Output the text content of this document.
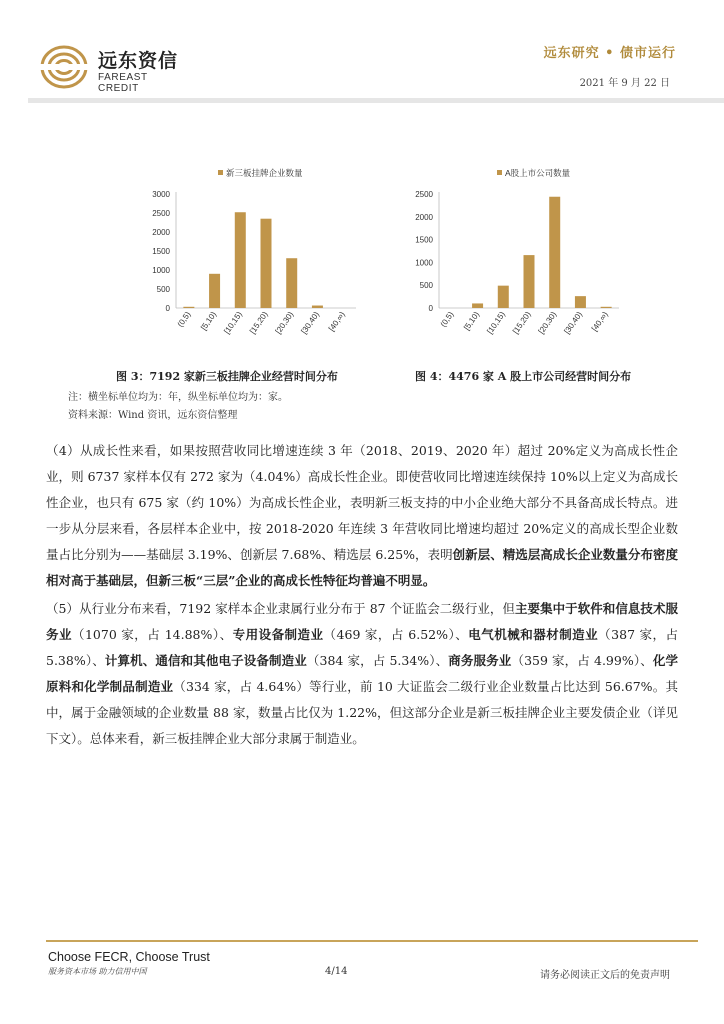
远东资信
FAREAST CREDIT
远东研究 • 债市运行
2021 年 9 月 22 日
新三板挂牌企业数量
0
500
1000
1500
2000
2500
3000
(0,5) [5,10) [10,15) [15,20) [20,30) [30,40) [40,∞)
A股上市公司数量
0
500
1000
1500
2000
2500
(0,5) [5,10) [10,15) [15,20) [20,30) [30,40) [40,∞)
图 3：7192 家新三板挂牌企业经营时间分布	图 4：4476 家 A 股上市公司经营时间分布
注：横坐标单位均为：年，纵坐标单位均为：家。
资料来源：Wind 资讯，远东资信整理
（4）从成长性来看，如果按照营收同比增速连续 3 年（2018、2019、2020 年）超过 20%定义为高成长性企业，则 6737 家样本仅有 272 家为（4.04%）高成长性企业。即使营收同比增速连续保持 10%以上定义为高成长性企业，也只有 675 家（约 10%）为高成长性企业，表明新三板支持的中小企业绝大部分不具备高成长特点。进一步从分层来看，各层样本企业中，按 2018-2020 年连续 3 年营收同比增速均超过 20%定义的高成长型企业数量占比分别为——基础层 3.19%、创新层 7.68%、精选层 6.25%，表明创新层、精选层高成长企业数量分布密度相对高于基础层，但新三板“三层”企业的高成长性特征均普遍不明显。
（5）从行业分布来看，7192 家样本企业隶属行业分布于 87 个证监会二级行业，但主要集中于软件和信息技术服务业（1070 家，占 14.88%）、专用设备制造业（469 家，占 6.52%）、电气机械和器材制造业（387 家，占 5.38%）、计算机、通信和其他电子设备制造业（384 家，占 5.34%）、商务服务业（359 家，占 4.99%）、化学原料和化学制品制造业（334 家，占 4.64%）等行业，前 10 大证监会二级行业企业数量占比达到 56.67%。其中，属于金融领域的企业数量 88 家，数量占比仅为 1.22%，但这部分企业是新三板挂牌企业主要发债企业（详见下文）。总体来看，新三板挂牌企业大部分隶属于制造业。
Choose FECR, Choose Trust
服务资本市场 助力信用中国	4/14	请务必阅读正文后的免责声明
